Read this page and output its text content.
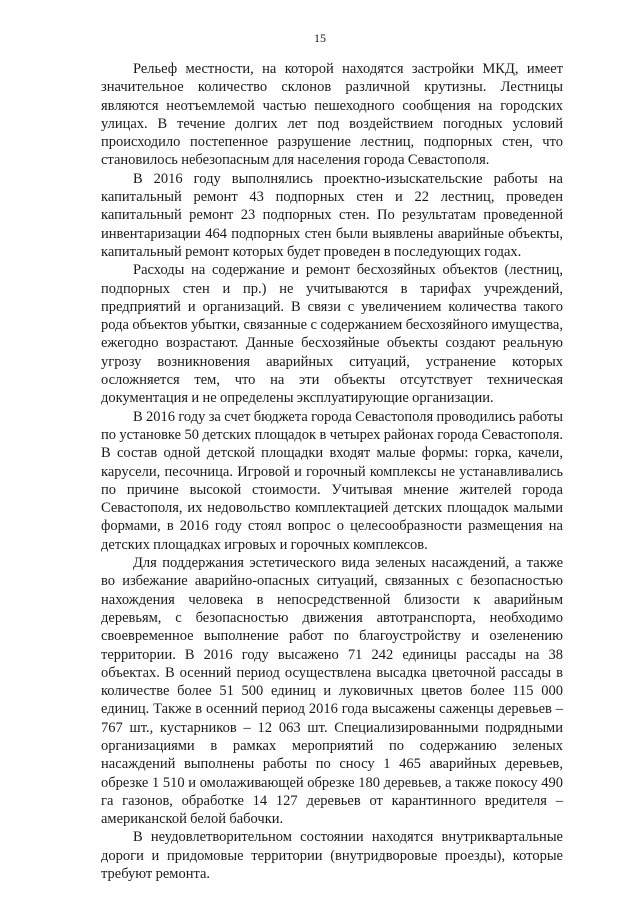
15

Рельеф местности, на которой находятся застройки МКД, имеет значительное количество склонов различной крутизны. Лестницы являются неотъемлемой частью пешеходного сообщения на городских улицах. В течение долгих лет под воздействием погодных условий происходило постепенное разрушение лестниц, подпорных стен, что становилось небезопасным для населения города Севастополя.

В 2016 году выполнялись проектно-изыскательские работы на капитальный ремонт 43 подпорных стен и 22 лестниц, проведен капитальный ремонт 23 подпорных стен. По результатам проведенной инвентаризации 464 подпорных стен были выявлены аварийные объекты, капитальный ремонт которых будет проведен в последующих годах.

Расходы на содержание и ремонт бесхозяйных объектов (лестниц, подпорных стен и пр.) не учитываются в тарифах учреждений, предприятий и организаций. В связи с увеличением количества такого рода объектов убытки, связанные с содержанием бесхозяйного имущества, ежегодно возрастают. Данные бесхозяйные объекты создают реальную угрозу возникновения аварийных ситуаций, устранение которых осложняется тем, что на эти объекты отсутствует техническая документация и не определены эксплуатирующие организации.

В 2016 году за счет бюджета города Севастополя проводились работы по установке 50 детских площадок в четырех районах города Севастополя. В состав одной детской площадки входят малые формы: горка, качели, карусели, песочница. Игровой и горочный комплексы не устанавливались по причине высокой стоимости. Учитывая мнение жителей города Севастополя, их недовольство комплектацией детских площадок малыми формами, в 2016 году стоял вопрос о целесообразности размещения на детских площадках игровых и горочных комплексов.

Для поддержания эстетического вида зеленых насаждений, а также во избежание аварийно-опасных ситуаций, связанных с безопасностью нахождения человека в непосредственной близости к аварийным деревьям, с безопасностью движения автотранспорта, необходимо своевременное выполнение работ по благоустройству и озеленению территории. В 2016 году высажено 71 242 единицы рассады на 38 объектах. В осенний период осуществлена высадка цветочной рассады в количестве более 51 500 единиц и луковичных цветов более 115 000 единиц. Также в осенний период 2016 года высажены саженцы деревьев – 767 шт., кустарников – 12 063 шт. Специализированными подрядными организациями в рамках мероприятий по содержанию зеленых насаждений выполнены работы по сносу 1 465 аварийных деревьев, обрезке 1 510 и омолаживающей обрезке 180 деревьев, а также покосу 490 га газонов, обработке 14 127 деревьев от карантинного вредителя – американской белой бабочки.

В неудовлетворительном состоянии находятся внутриквартальные дороги и придомовые территории (внутридворовые проезды), которые требуют ремонта.
